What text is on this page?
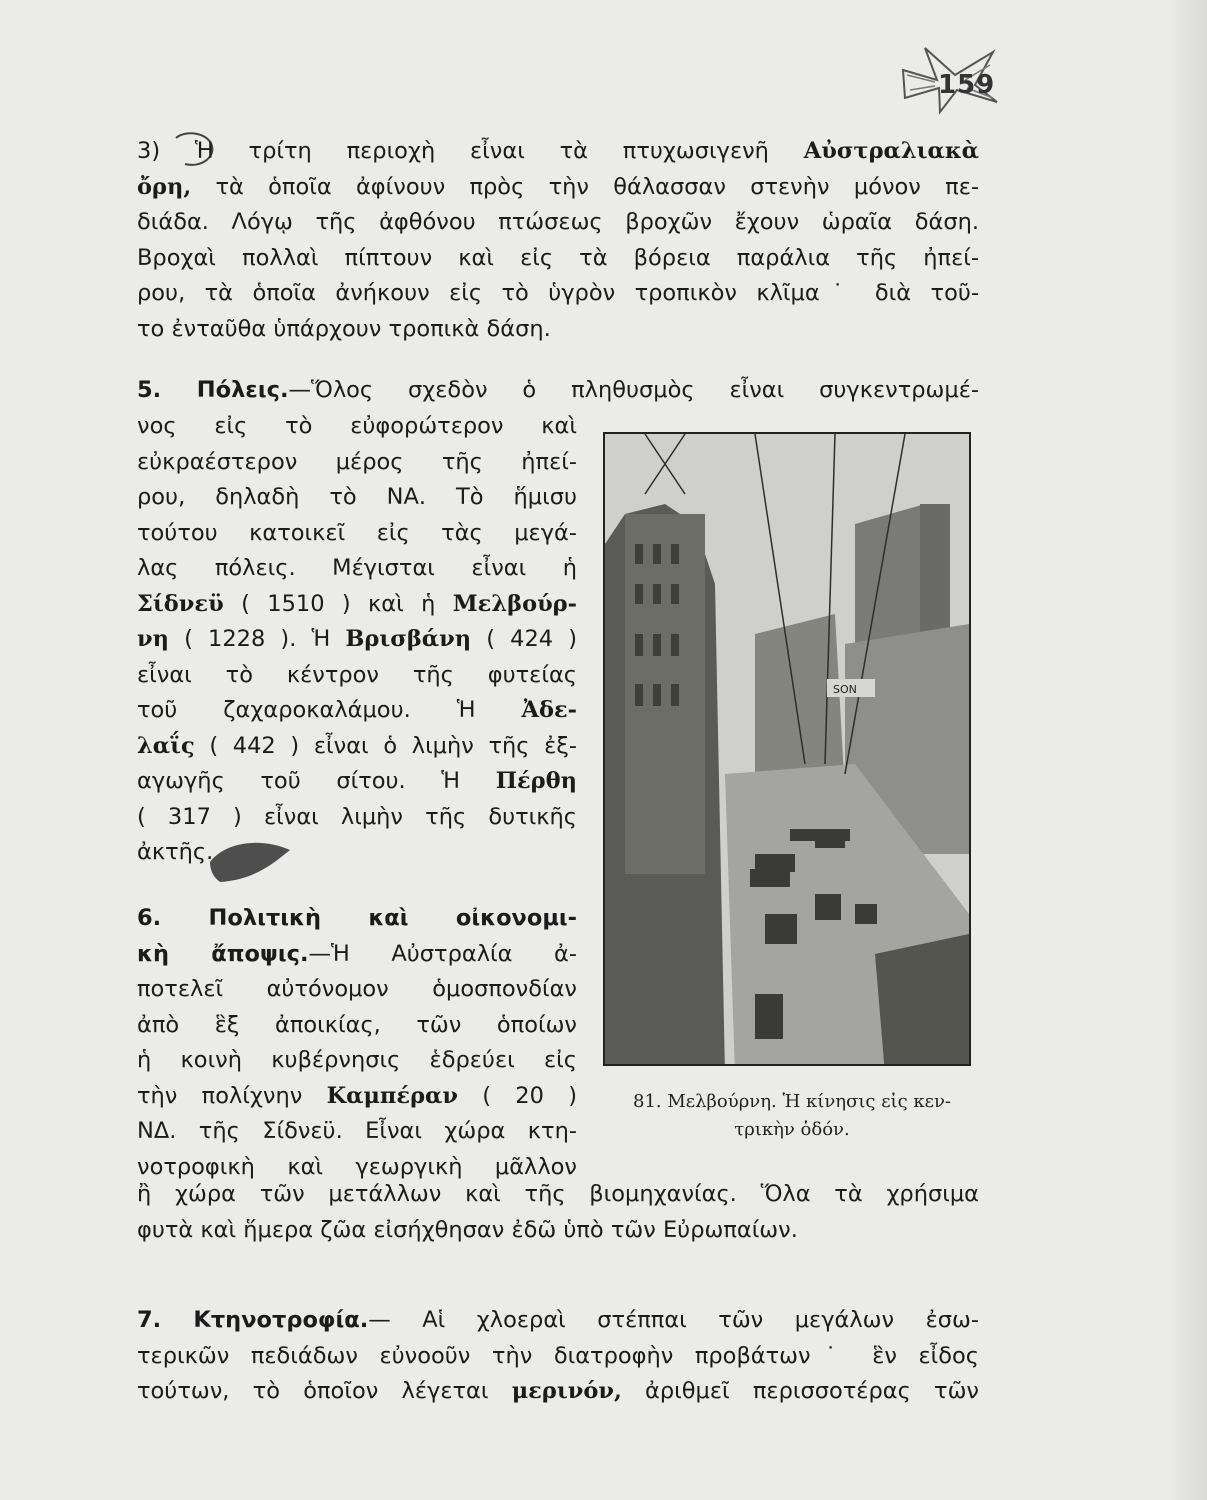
159
3) Ἡ τρίτη περιοχὴ εἶναι τὰ πτυχωσιγενῆ Αὐστραλιακὰ
ὄρη, τὰ ὁποῖα ἀφίνουν πρὸς τὴν θάλασσαν στενὴν μόνον πε-
διάδα. Λόγῳ τῆς ἀφθόνου πτώσεως βροχῶν ἔχουν ὡραῖα δάση.
Βροχαὶ πολλαὶ πίπτουν καὶ εἰς τὰ βόρεια παράλια τῆς ἠπεί-
ρου, τὰ ὁποῖα ἀνήκουν εἰς τὸ ὑγρὸν τροπικὸν κλῖμα˙ διὰ τοῦ-
το ἐνταῦθα ὑπάρχουν τροπικὰ δάση.
5. Πόλεις.—Ὅλος σχεδὸν ὁ πληθυσμὸς εἶναι συγκεντρωμέ-
νος εἰς τὸ εὐφορώτερον καὶ
εὐκραέστερον μέρος τῆς ἠπεί-
ρου, δηλαδὴ τὸ ΝΑ. Τὸ ἥμισυ
τούτου κατοικεῖ εἰς τὰς μεγά-
λας πόλεις. Μέγισται εἶναι ἡ
Σίδνεϋ ( 1510 ) καὶ ἡ Μελβούρ-
νη ( 1228 ). Ἡ Βρισβάνη ( 424 )
εἶναι τὸ κέντρον τῆς φυτείας
τοῦ ζαχαροκαλάμου. Ἡ Ἀδε-
λαΐς ( 442 ) εἶναι ὁ λιμὴν τῆς ἐξ-
αγωγῆς τοῦ σίτου. Ἡ Πέρθη
( 317 ) εἶναι λιμὴν τῆς δυτικῆς
ἀκτῆς.
6. Πολιτικὴ καὶ οἰκονομι-
κὴ ἄποψις.—Ἡ Αὐστραλία ἀ-
ποτελεῖ αὐτόνομον ὁμοσπονδίαν
ἀπὸ ἓξ ἀποικίας, τῶν ὁποίων
ἡ κοινὴ κυβέρνησις ἑδρεύει εἰς
τὴν πολίχνην Καμπέραν ( 20 )
ΝΔ. τῆς Σίδνεϋ. Εἶναι χώρα κτη-
νοτροφικὴ καὶ γεωργικὴ μᾶλλον
ἢ χώρα τῶν μετάλλων καὶ τῆς βιομηχανίας. Ὅλα τὰ χρήσιμα
φυτὰ καὶ ἥμερα ζῶα εἰσήχθησαν ἐδῶ ὑπὸ τῶν Εὐρωπαίων.
7. Κτηνοτροφία.— Αἱ χλοεραὶ στέππαι τῶν μεγάλων ἐσω-
τερικῶν πεδιάδων εὐνοοῦν τὴν διατροφὴν προβάτων˙ ἓν εἶδος
τούτων, τὸ ὁποῖον λέγεται μερινόν, ἀριθμεῖ περισσοτέρας τῶν
SON
81. Μελβούρνη. Ἡ κίνησις εἰς κεν-
τρικὴν ὁδόν.
